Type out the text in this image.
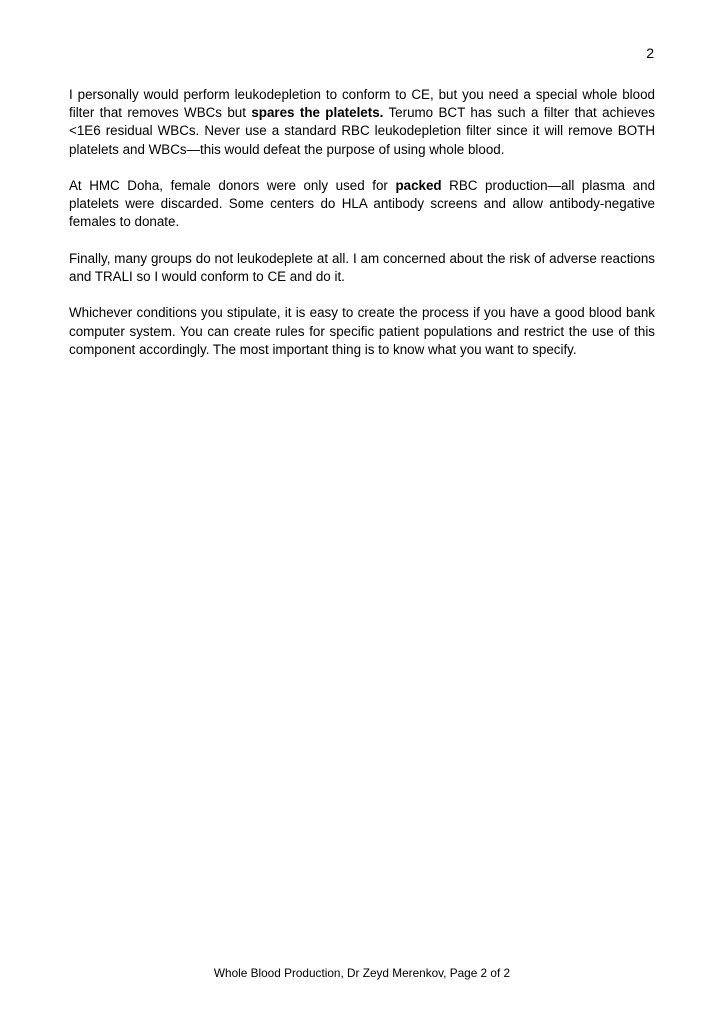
2

I personally would perform leukodepletion to conform to CE, but you need a special whole blood filter that removes WBCs but spares the platelets. Terumo BCT has such a filter that achieves <1E6 residual WBCs. Never use a standard RBC leukodepletion filter since it will remove BOTH platelets and WBCs—this would defeat the purpose of using whole blood.

At HMC Doha, female donors were only used for packed RBC production—all plasma and platelets were discarded. Some centers do HLA antibody screens and allow antibody-negative females to donate.

Finally, many groups do not leukodeplete at all. I am concerned about the risk of adverse reactions and TRALI so I would conform to CE and do it.

Whichever conditions you stipulate, it is easy to create the process if you have a good blood bank computer system. You can create rules for specific patient populations and restrict the use of this component accordingly. The most important thing is to know what you want to specify.

Whole Blood Production, Dr Zeyd Merenkov, Page 2 of 2
